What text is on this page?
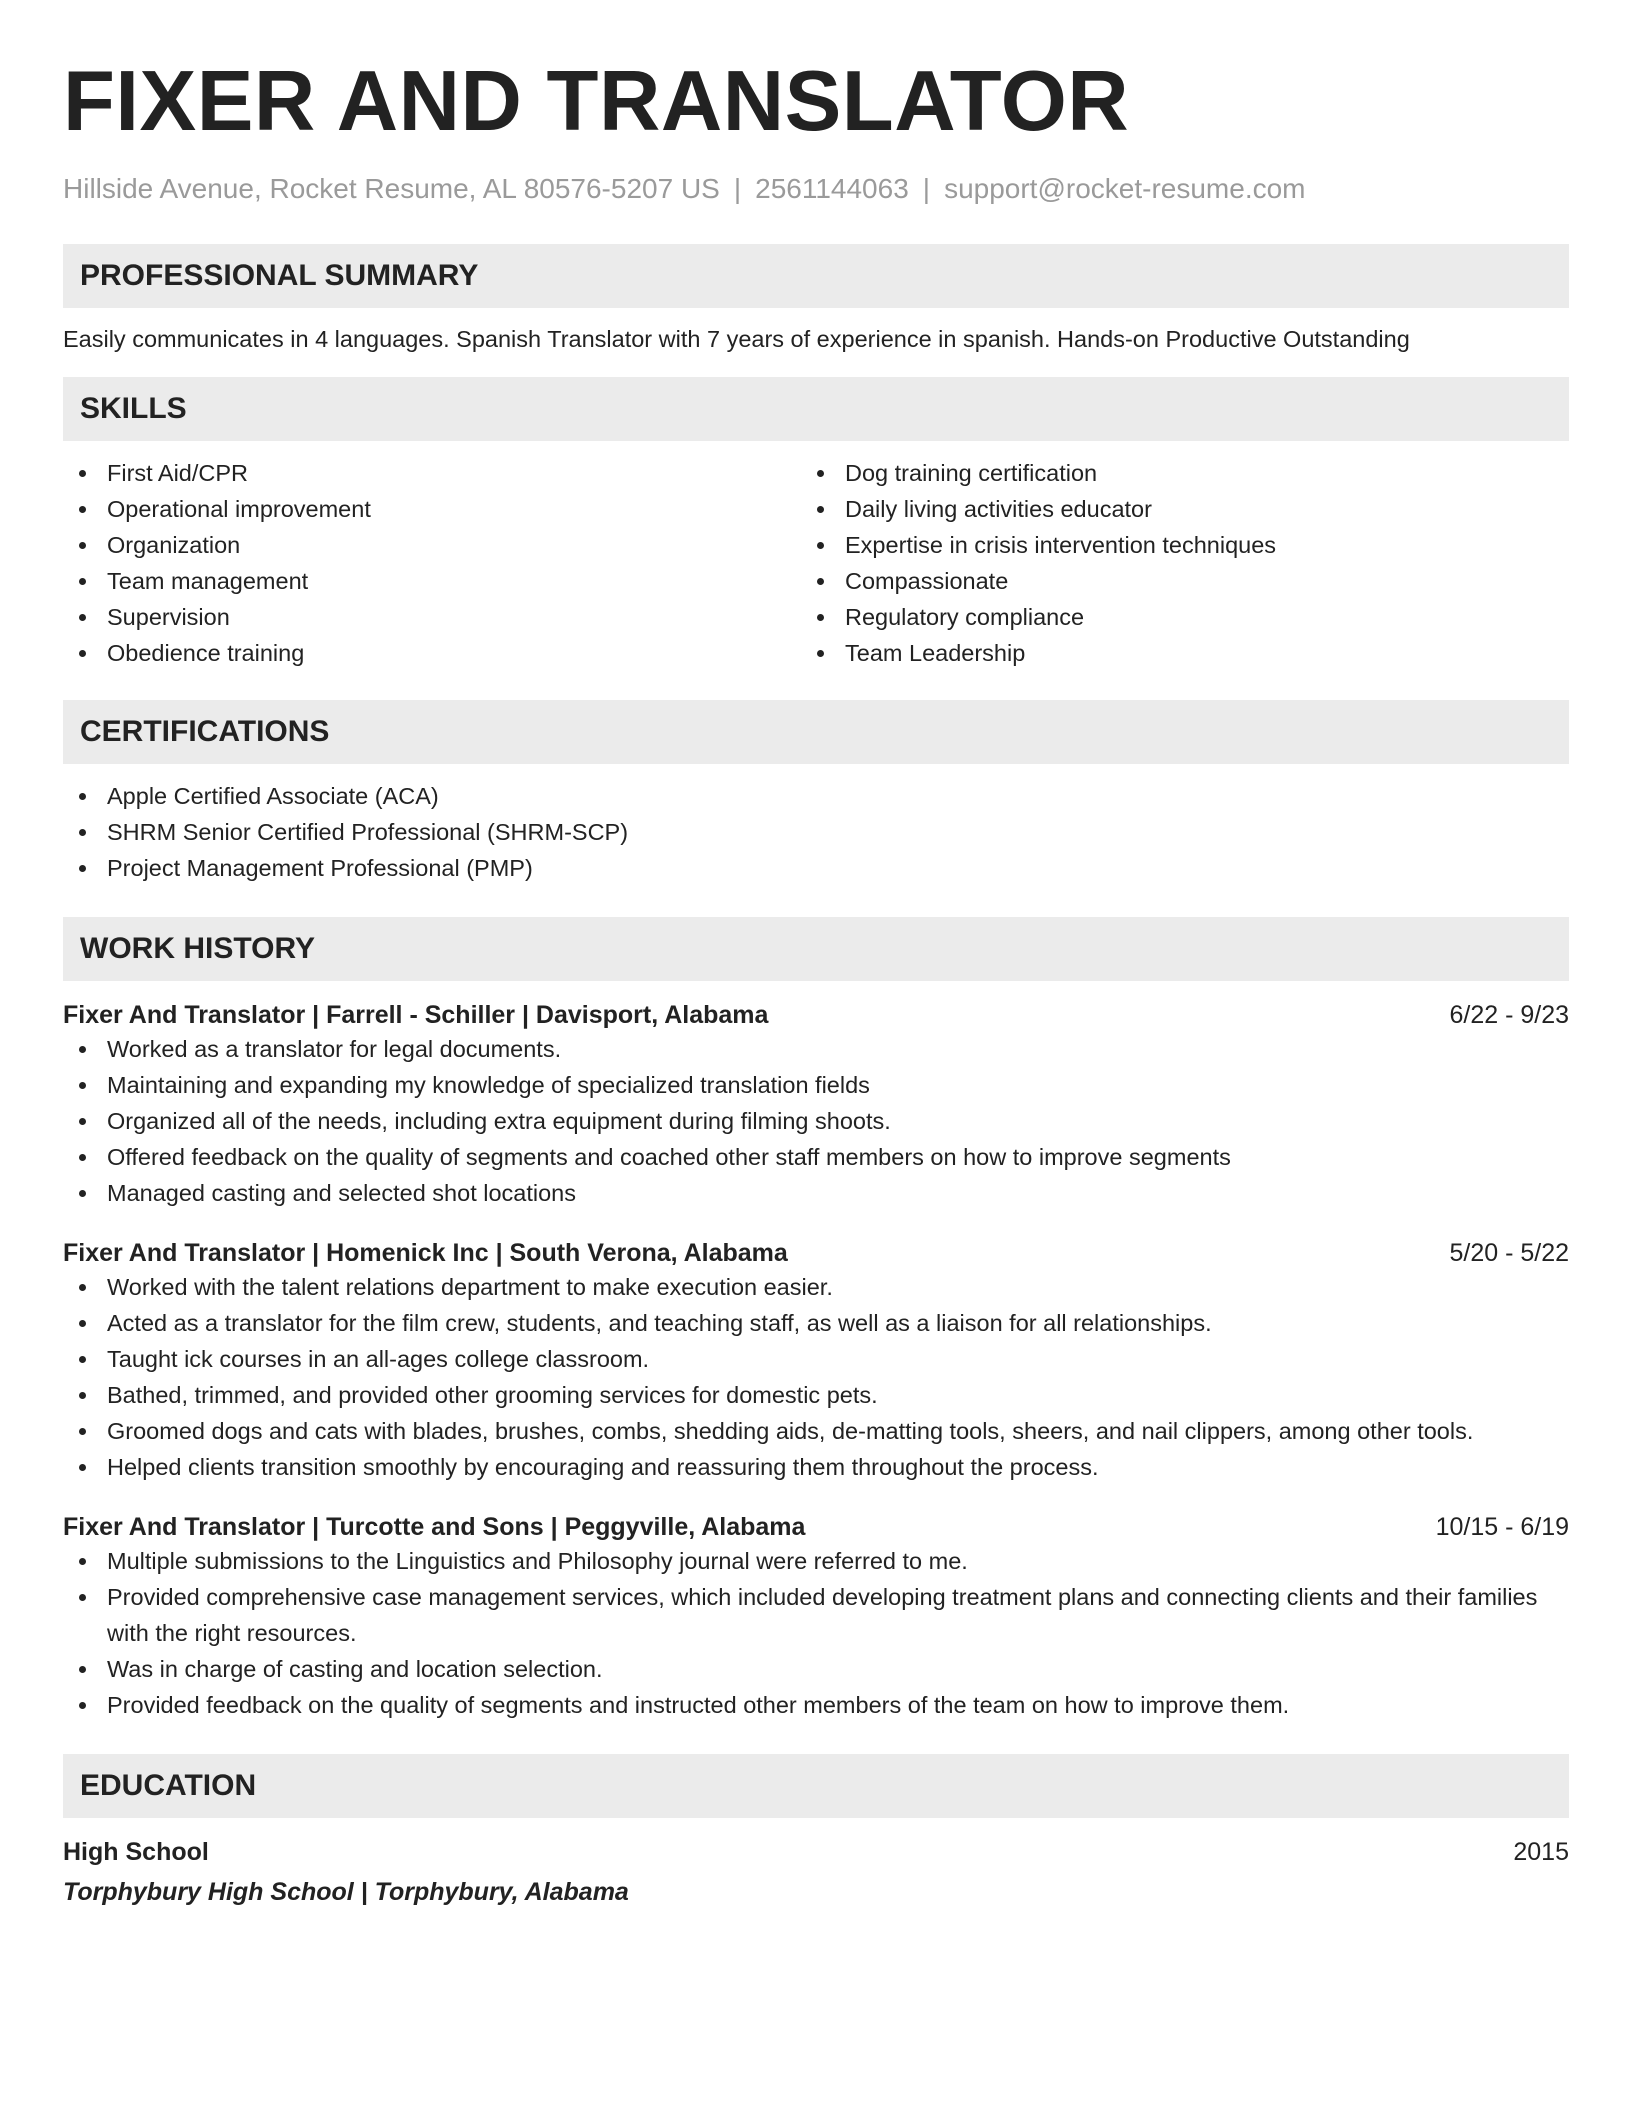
FIXER AND TRANSLATOR
Hillside Avenue, Rocket Resume, AL 80576-5207 US | 2561144063 | support@rocket-resume.com
PROFESSIONAL SUMMARY

Easily communicates in 4 languages. Spanish Translator with 7 years of experience in spanish. Hands-on Productive Outstanding

SKILLS
First Aid/CPR
Operational improvement
Organization
Team management
Supervision
Obedience training
Dog training certification
Daily living activities educator
Expertise in crisis intervention techniques
Compassionate
Regulatory compliance
Team Leadership
CERTIFICATIONS
Apple Certified Associate (ACA)
SHRM Senior Certified Professional (SHRM-SCP)
Project Management Professional (PMP)
WORK HISTORY
Fixer And Translator | Farrell - Schiller | Davisport, Alabama	6/22 - 9/23
Worked as a translator for legal documents.
Maintaining and expanding my knowledge of specialized translation fields
Organized all of the needs, including extra equipment during filming shoots.
Offered feedback on the quality of segments and coached other staff members on how to improve segments
Managed casting and selected shot locations
Fixer And Translator | Homenick Inc | South Verona, Alabama	5/20 - 5/22
Worked with the talent relations department to make execution easier.
Acted as a translator for the film crew, students, and teaching staff, as well as a liaison for all relationships.
Taught ick courses in an all-ages college classroom.
Bathed, trimmed, and provided other grooming services for domestic pets.
Groomed dogs and cats with blades, brushes, combs, shedding aids, de-matting tools, sheers, and nail clippers, among other tools.
Helped clients transition smoothly by encouraging and reassuring them throughout the process.
Fixer And Translator | Turcotte and Sons | Peggyville, Alabama	10/15 - 6/19
Multiple submissions to the Linguistics and Philosophy journal were referred to me.
Provided comprehensive case management services, which included developing treatment plans and connecting clients and their families with the right resources.
Was in charge of casting and location selection.
Provided feedback on the quality of segments and instructed other members of the team on how to improve them.
EDUCATION
High School	2015
Torphybury High School | Torphybury, Alabama
